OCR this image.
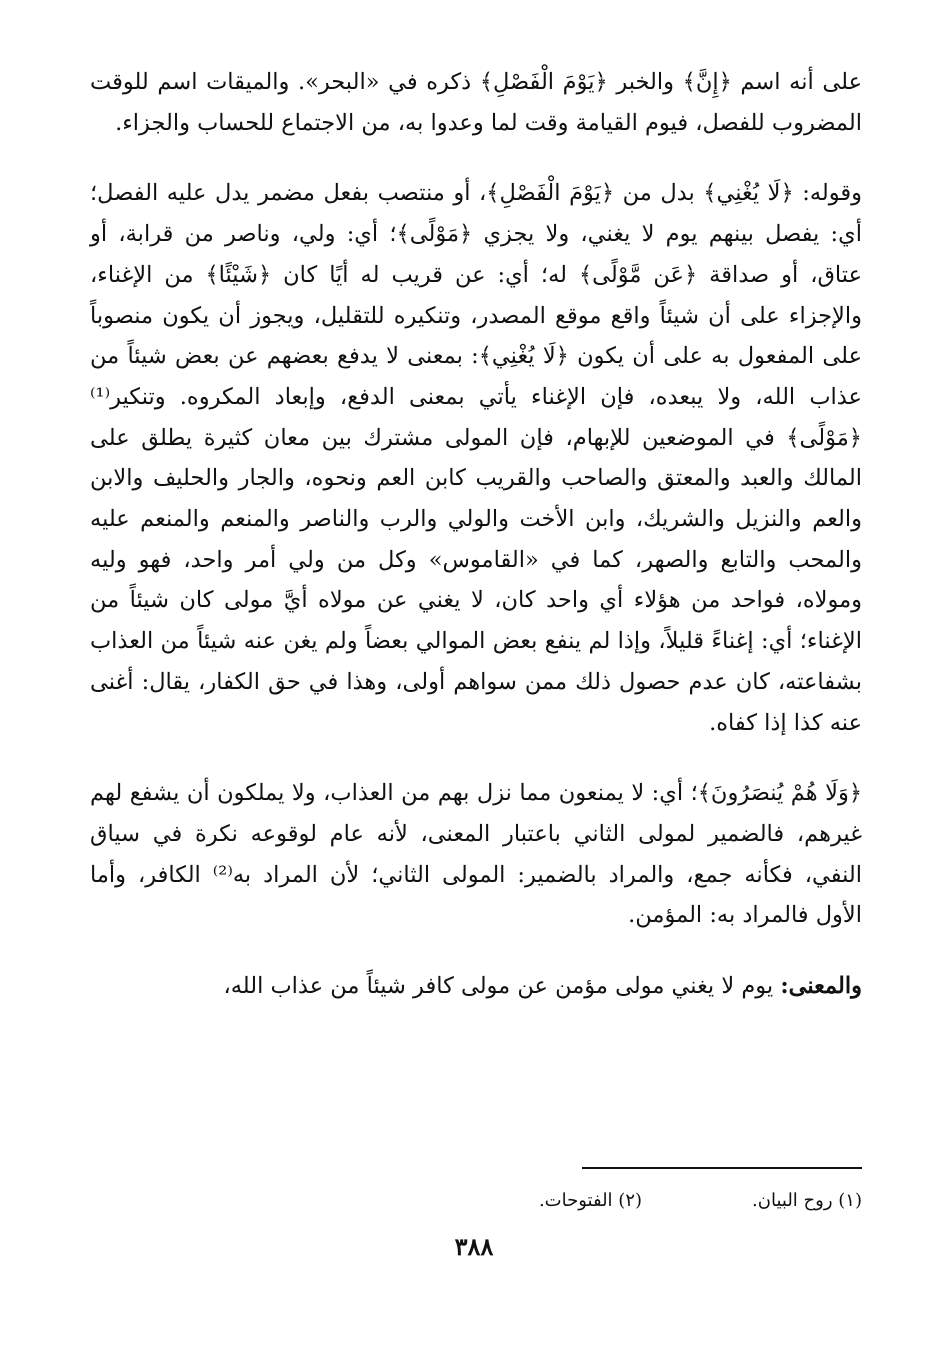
على أنه اسم ﴿إِنَّ﴾ والخبر ﴿يَوْمَ الْفَصْلِ﴾ ذكره في «البحر». والميقات اسم للوقت المضروب للفصل، فيوم القيامة وقت لما وعدوا به، من الاجتماع للحساب والجزاء.

وقوله: ﴿لَا يُغْنِي﴾ بدل من ﴿يَوْمَ الْفَصْلِ﴾، أو منتصب بفعل مضمر يدل عليه الفصل؛ أي: يفصل بينهم يوم لا يغني، ولا يجزي ﴿مَوْلًى﴾؛ أي: ولي، وناصر من قرابة، أو عتاق، أو صداقة ﴿عَن مَّوْلًى﴾ له؛ أي: عن قريب له أيًا كان ﴿شَيْئًا﴾ من الإغناء، والإجزاء على أن شيئاً واقع موقع المصدر، وتنكيره للتقليل، ويجوز أن يكون منصوباً على المفعول به على أن يكون ﴿لَا يُغْنِي﴾: بمعنى لا يدفع بعضهم عن بعض شيئاً من عذاب الله، ولا يبعده، فإن الإغناء يأتي بمعنى الدفع، وإبعاد المكروه. وتنكير⁽¹⁾ ﴿مَوْلًى﴾ في الموضعين للإبهام، فإن المولى مشترك بين معان كثيرة يطلق على المالك والعبد والمعتق والصاحب والقريب كابن العم ونحوه، والجار والحليف والابن والعم والنزيل والشريك، وابن الأخت والولي والرب والناصر والمنعم والمنعم عليه والمحب والتابع والصهر، كما في «القاموس» وكل من ولي أمر واحد، فهو وليه ومولاه، فواحد من هؤلاء أي واحد كان، لا يغني عن مولاه أيَّ مولى كان شيئاً من الإغناء؛ أي: إغناءً قليلاً، وإذا لم ينفع بعض الموالي بعضاً ولم يغن عنه شيئاً من العذاب بشفاعته، كان عدم حصول ذلك ممن سواهم أولى، وهذا في حق الكفار، يقال: أغنى عنه كذا إذا كفاه.

﴿وَلَا هُمْ يُنصَرُونَ﴾؛ أي: لا يمنعون مما نزل بهم من العذاب، ولا يملكون أن يشفع لهم غيرهم، فالضمير لمولى الثاني باعتبار المعنى، لأنه عام لوقوعه نكرة في سياق النفي، فكأنه جمع، والمراد بالضمير: المولى الثاني؛ لأن المراد به⁽²⁾ الكافر، وأما الأول فالمراد به: المؤمن.

والمعنى: يوم لا يغني مولى مؤمن عن مولى كافر شيئاً من عذاب الله،

(١) روح البيان.
(٢) الفتوحات.
٣٨٨
